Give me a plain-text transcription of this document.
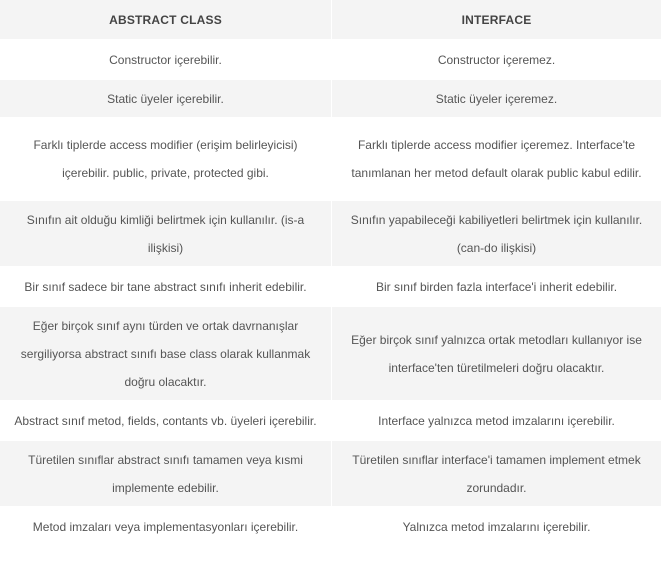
ABSTRACT CLASS	INTERFACE
Constructor içerebilir.	Constructor içeremez.
Static üyeler içerebilir.	Static üyeler içeremez.
Farklı tiplerde access modifier (erişim belirleyicisi) içerebilir. public, private, protected gibi.	Farklı tiplerde access modifier içeremez. Interface'te tanımlanan her metod default olarak public kabul edilir.
Sınıfın ait olduğu kimliği belirtmek için kullanılır. (is-a ilişkisi)	Sınıfın yapabileceği kabiliyetleri belirtmek için kullanılır. (can-do ilişkisi)
Bir sınıf sadece bir tane abstract sınıfı inherit edebilir.	Bir sınıf birden fazla interface'i inherit edebilir.
Eğer birçok sınıf aynı türden ve ortak davrnanışlar sergiliyorsa abstract sınıfı base class olarak kullanmak doğru olacaktır.	Eğer birçok sınıf yalnızca ortak metodları kullanıyor ise interface'ten türetilmeleri doğru olacaktır.
Abstract sınıf metod, fields, contants vb. üyeleri içerebilir.	Interface yalnızca metod imzalarını içerebilir.
Türetilen sınıflar abstract sınıfı tamamen veya kısmi implemente edebilir.	Türetilen sınıflar interface'i tamamen implement etmek zorundadır.
Metod imzaları veya implementasyonları içerebilir.	Yalnızca metod imzalarını içerebilir.
